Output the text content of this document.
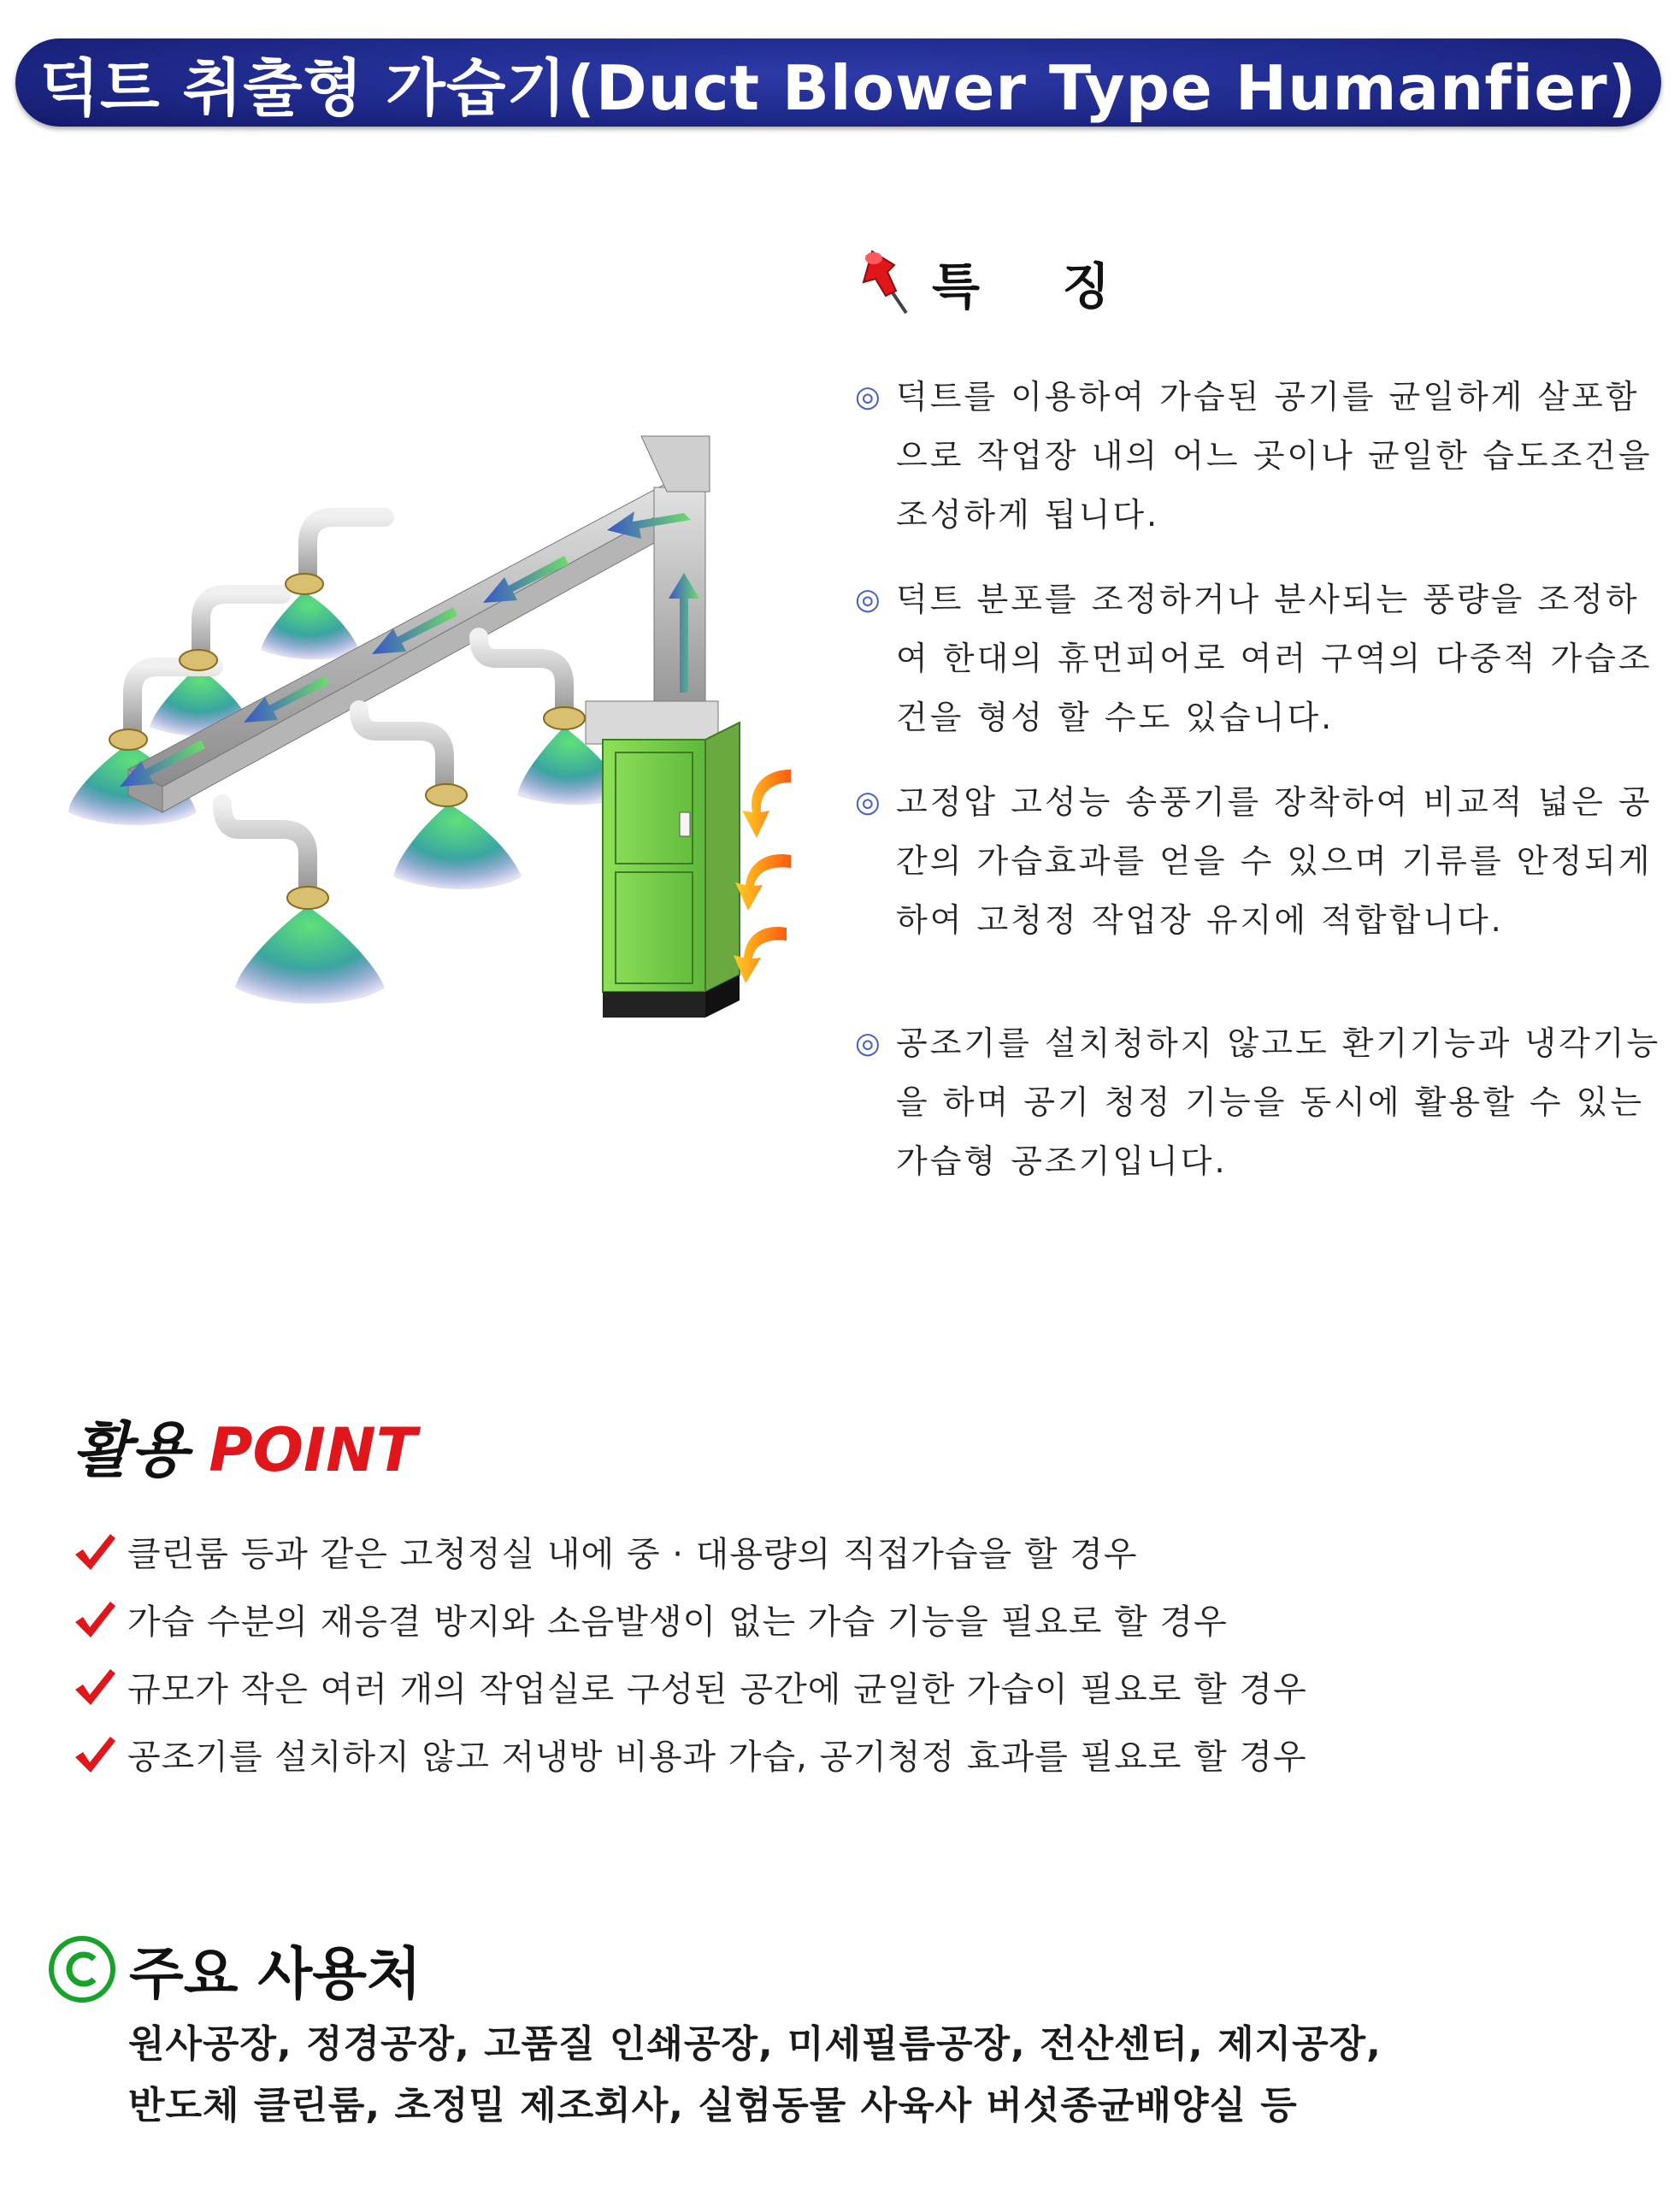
덕트 취출형 가습기(Duct Blower Type Humanfier)
특 징
◎ 덕트를 이용하여 가습된 공기를 균일하게 살포함으로 작업장 내의 어느 곳이나 균일한 습도조건을 조성하게 됩니다.
◎ 덕트 분포를 조정하거나 분사되는 풍량을 조정하여 한대의 휴먼피어로 여러 구역의 다중적 가습조건을 형성 할 수도 있습니다.
◎ 고정압 고성능 송풍기를 장착하여 비교적 넓은 공간의 가습효과를 얻을 수 있으며 기류를 안정되게 하여 고청정 작업장 유지에 적합합니다.
◎ 공조기를 설치청하지 않고도 환기기능과 냉각기능을 하며 공기 청정 기능을 동시에 활용할 수 있는 가습형 공조기입니다.
활용 POINT
클린룸 등과 같은 고청정실 내에 중 · 대용량의 직접가습을 할 경우
가습 수분의 재응결 방지와 소음발생이 없는 가습 기능을 필요로 할 경우
규모가 작은 여러 개의 작업실로 구성된 공간에 균일한 가습이 필요로 할 경우
공조기를 설치하지 않고 저냉방 비용과 가습, 공기청정 효과를 필요로 할 경우
주요 사용처
원사공장, 정경공장, 고품질 인쇄공장, 미세필름공장, 전산센터, 제지공장,
반도체 클린룸, 초정밀 제조회사, 실험동물 사육사 버섯종균배양실 등
